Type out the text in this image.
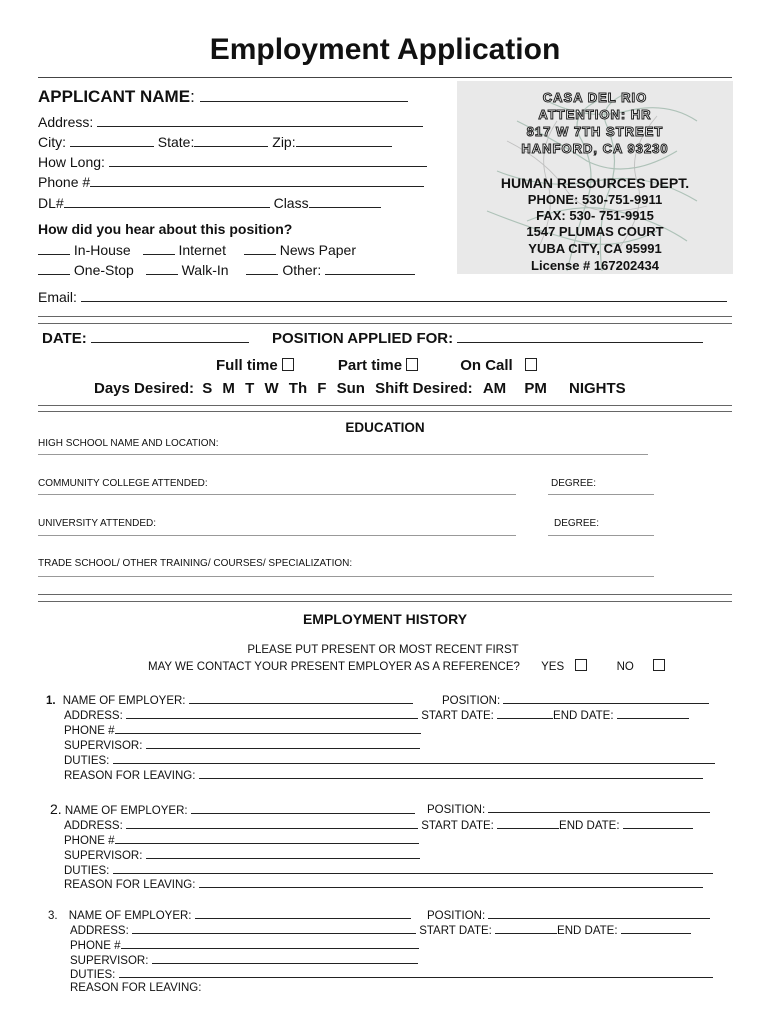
Employment Application
APPLICANT NAME:
Address:
City:	State:	Zip:
How Long:
Phone #
DL#	Class
How did you hear about this position?
In-House	Internet	News Paper
One-Stop	Walk-In	Other:
Email:
CASA DEL RIO
ATTENTION: HR
817 W 7TH STREET
HANFORD, CA 93230
HUMAN RESOURCES DEPT.
PHONE: 530-751-9911
FAX: 530- 751-9915
1547 PLUMAS COURT
YUBA CITY, CA 95991
License # 167202434
DATE:	POSITION APPLIED FOR:
Full time	Part time	On Call
Days Desired: S M T W Th F Sun Shift Desired: AM PM NIGHTS
EDUCATION
HIGH SCHOOL NAME AND LOCATION:
COMMUNITY COLLEGE ATTENDED:	DEGREE:
UNIVERSITY ATTENDED:	DEGREE:
TRADE SCHOOL/ OTHER TRAINING/ COURSES/ SPECIALIZATION:
EMPLOYMENT HISTORY
PLEASE PUT PRESENT OR MOST RECENT FIRST
MAY WE CONTACT YOUR PRESENT EMPLOYER AS A REFERENCE? YES	NO
1. NAME OF EMPLOYER:	POSITION:
ADDRESS:	START DATE:	END DATE:
PHONE #
SUPERVISOR:
DUTIES:
REASON FOR LEAVING:
2. NAME OF EMPLOYER:	POSITION:
ADDRESS:	START DATE:	END DATE:
PHONE #
SUPERVISOR:
DUTIES:
REASON FOR LEAVING:
3. NAME OF EMPLOYER:	POSITION:
ADDRESS:	START DATE:	END DATE:
PHONE #
SUPERVISOR:
DUTIES:
REASON FOR LEAVING:
